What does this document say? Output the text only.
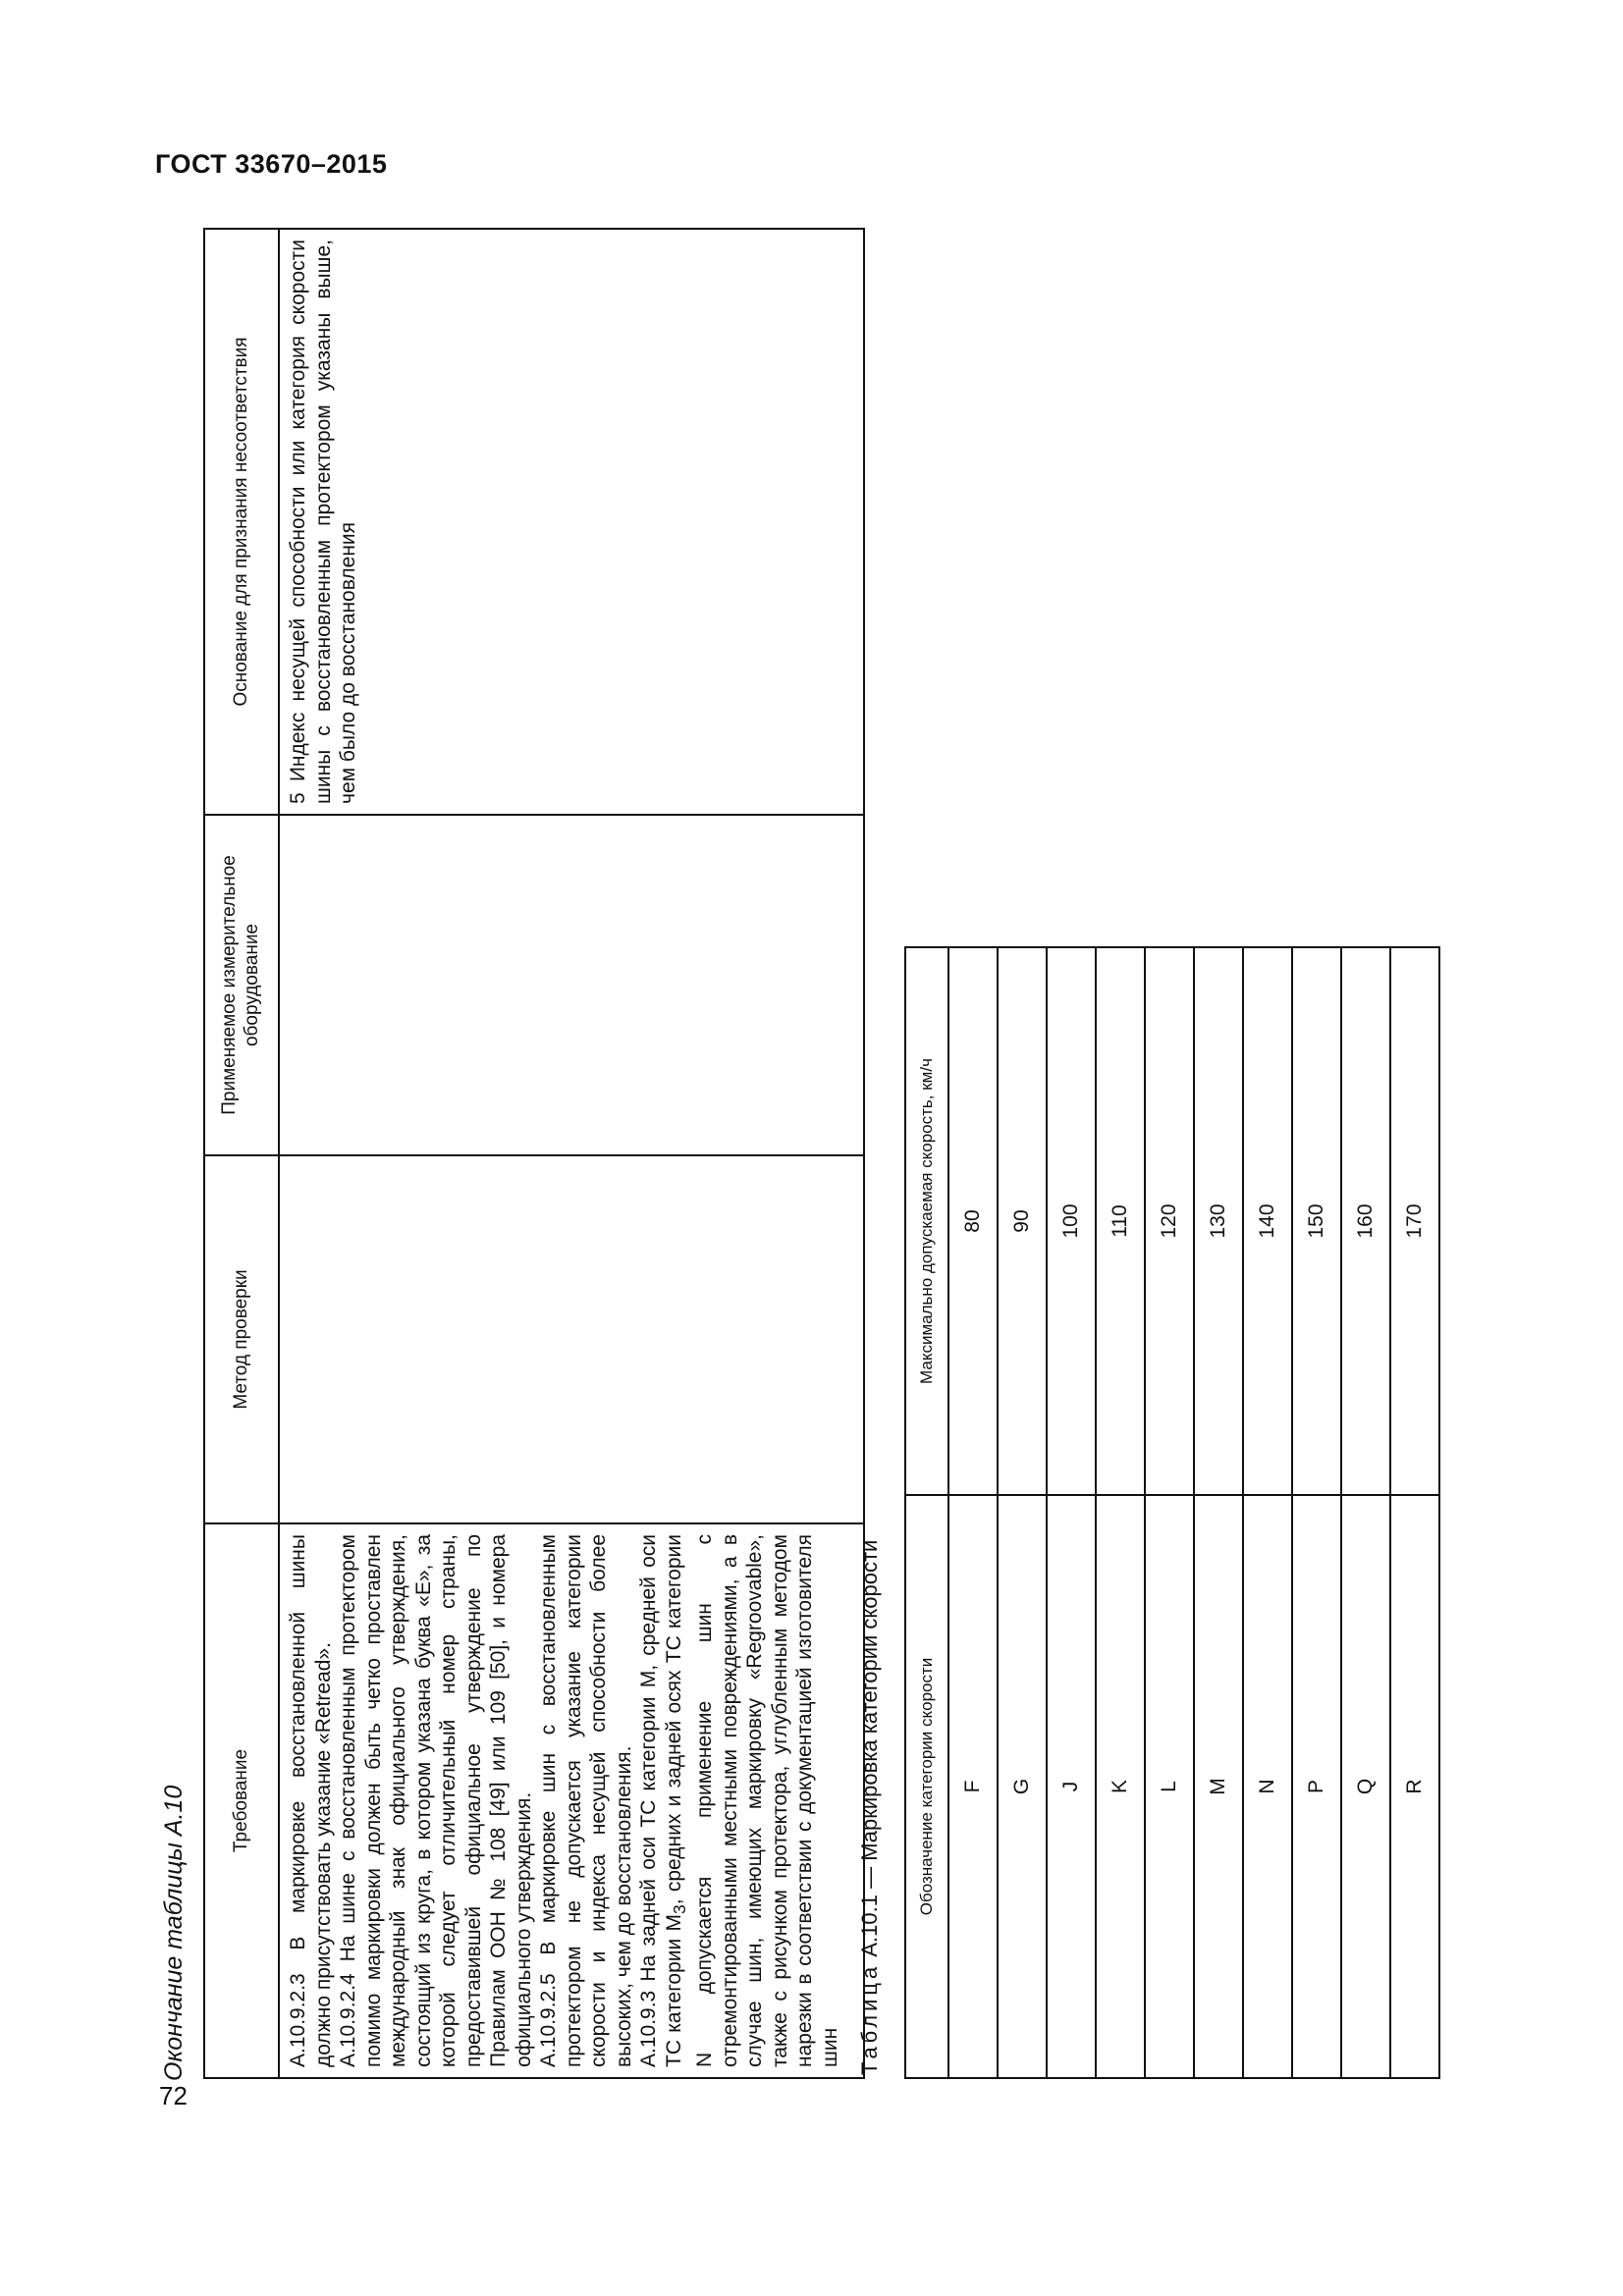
ГОСТ 33670–2015
Окончание таблицы А.10 Требование	Метод проверки	Применяемое измерительное оборудование	Основание для признания несоответствия

А.10.9.2.3 В маркировке восстановленной шины должно присутствовать указание «Retread». А.10.9.2.4 На шине с восстановленным протектором помимо маркировки должен быть четко проставлен международный знак официального утверждения, состоящий из круга, в котором указана буква «Е», за которой следует отличительный номер страны, предоставившей официальное утверждение по Правилам ООН № 108 [49] или 109 [50], и номера официального утверждения. А.10.9.2.5 В маркировке шин с восстановленным протектором не допускается указание категории скорости и индекса несущей способности более высоких, чем до восстановления. А.10.9.3 На задней оси ТС категории М, средней оси ТС категории $М_3$, средних и задней осях ТС категории N допускается применение шин с отремонтированными местными повреждениями, а в случае шин, имеющих маркировку «Regroovable», также с рисунком протектора, углубленным методом нарезки в соответствии с документацией изготовителя шин			5 Индекс несущей способности или категория скорости шины с восстановленным протектором указаны выше, чем было до восстановления
Таблица А.10.1 — Маркировка категории скорости Обозначение категории скорости	Максимально допускаемая скорость, км/ч
F	80
G	90
J	100
K	110
L	120
M	130
N	140
P	150
Q	160
R	170
72
